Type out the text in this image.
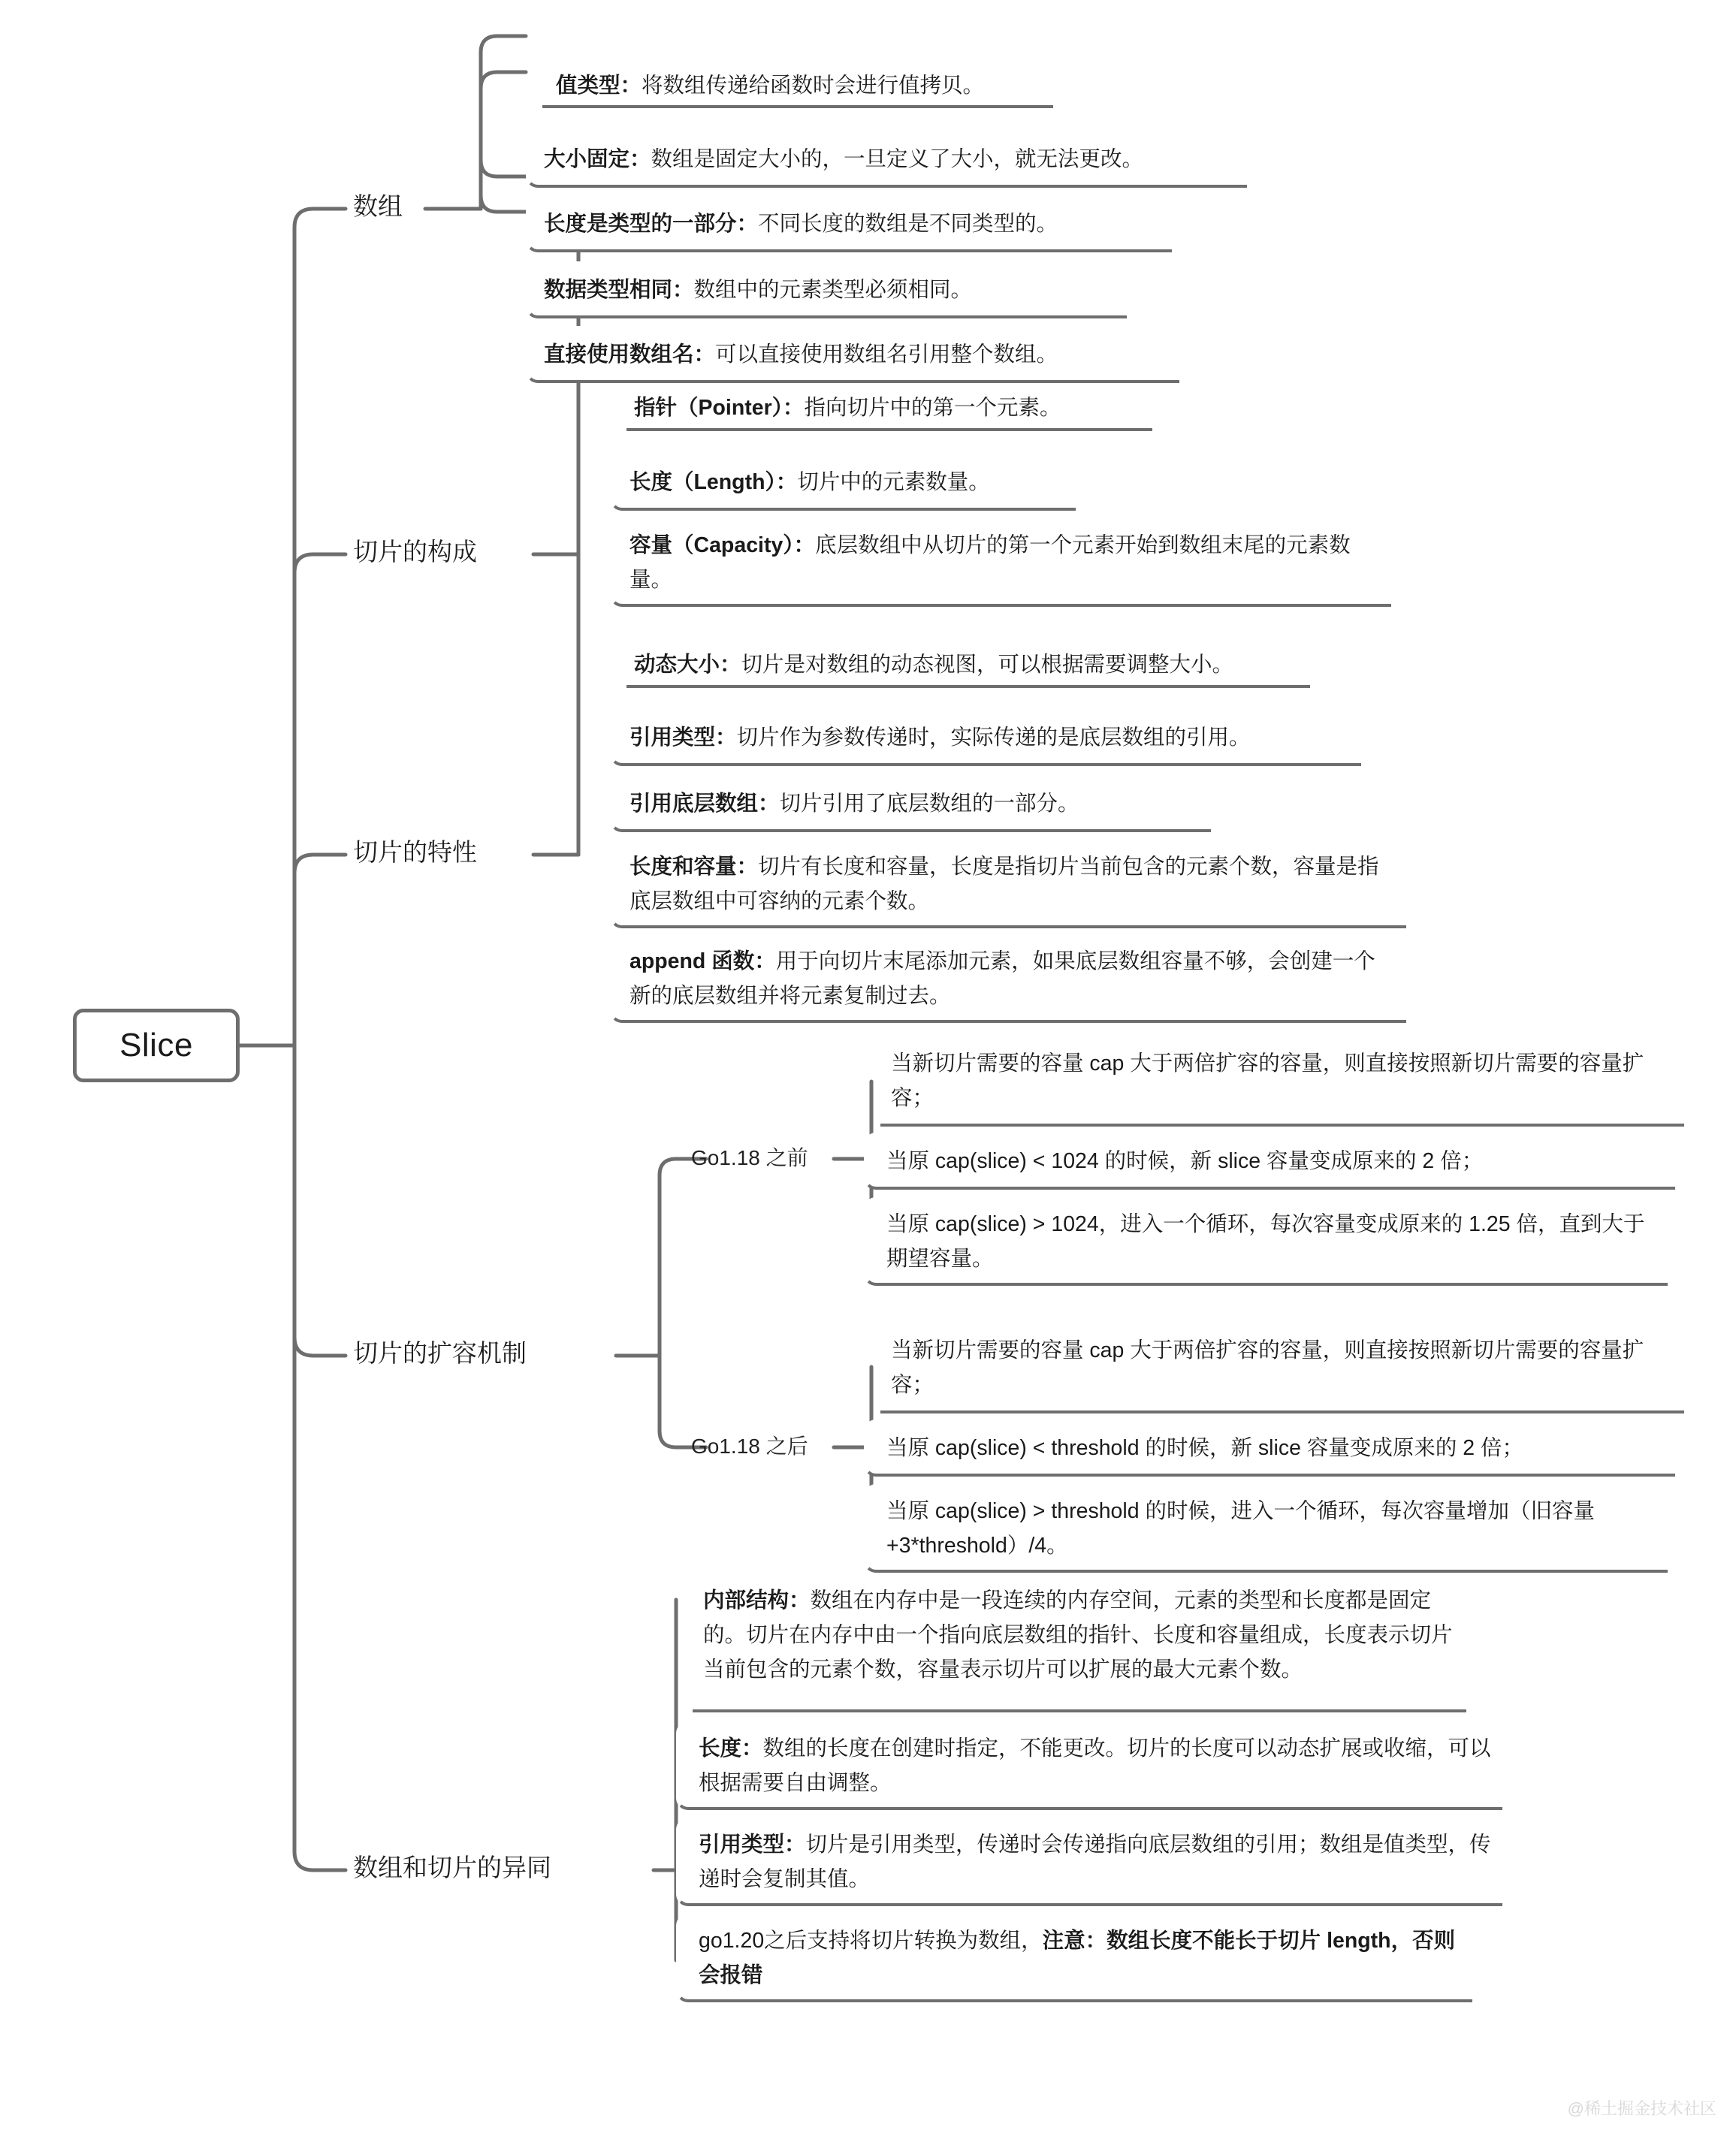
Slice
数组
切片的构成
切片的特性
切片的扩容机制
数组和切片的异同
Go1.18 之前
Go1.18 之后
值类型：将数组传递给函数时会进行值拷贝。
大小固定：数组是固定大小的，一旦定义了大小，就无法更改。
长度是类型的一部分：不同长度的数组是不同类型的。
数据类型相同：数组中的元素类型必须相同。
直接使用数组名：可以直接使用数组名引用整个数组。
指针（Pointer）：指向切片中的第一个元素。
长度（Length）：切片中的元素数量。
容量（Capacity）：底层数组中从切片的第一个元素开始到数组末尾的元素数量。
动态大小：切片是对数组的动态视图，可以根据需要调整大小。
引用类型：切片作为参数传递时，实际传递的是底层数组的引用。
引用底层数组：切片引用了底层数组的一部分。
长度和容量：切片有长度和容量，长度是指切片当前包含的元素个数，容量是指底层数组中可容纳的元素个数。
append 函数：用于向切片末尾添加元素，如果底层数组容量不够，会创建一个新的底层数组并将元素复制过去。
当新切片需要的容量 cap 大于两倍扩容的容量，则直接按照新切片需要的容量扩容；
当原 cap(slice) < 1024 的时候，新 slice 容量变成原来的 2 倍；
当原 cap(slice) > 1024，进入一个循环，每次容量变成原来的 1.25 倍，直到大于期望容量。
当新切片需要的容量 cap 大于两倍扩容的容量，则直接按照新切片需要的容量扩容；
当原 cap(slice) < threshold 的时候，新 slice 容量变成原来的 2 倍；
当原 cap(slice) > threshold 的时候，进入一个循环，每次容量增加（旧容量+3*threshold）/4。
内部结构：数组在内存中是一段连续的内存空间，元素的类型和长度都是固定的。切片在内存中由一个指向底层数组的指针、长度和容量组成，长度表示切片当前包含的元素个数，容量表示切片可以扩展的最大元素个数。
长度：数组的长度在创建时指定，不能更改。切片的长度可以动态扩展或收缩，可以根据需要自由调整。
引用类型：切片是引用类型，传递时会传递指向底层数组的引用；数组是值类型，传递时会复制其值。
go1.20之后支持将切片转换为数组，注意：数组长度不能长于切片 length，否则会报错
@稀土掘金技术社区
